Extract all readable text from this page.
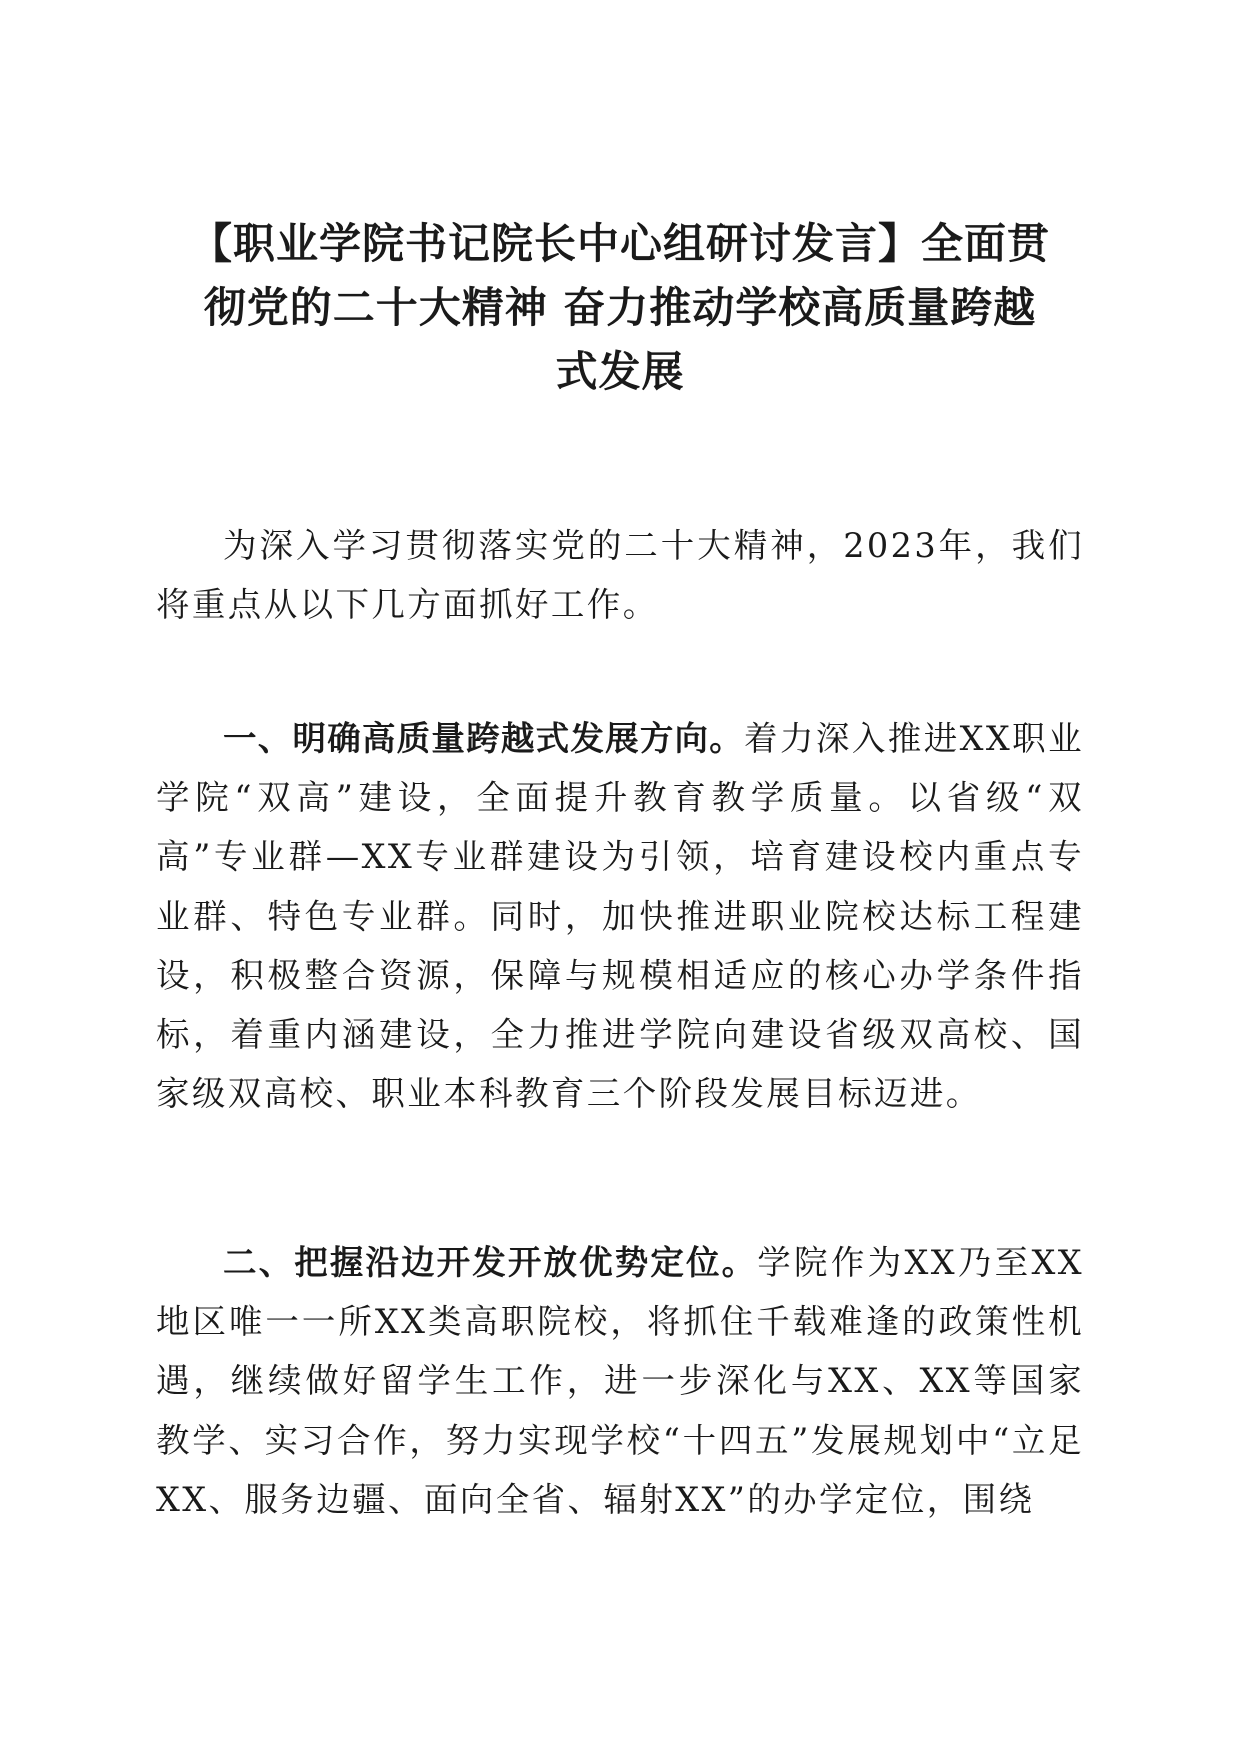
【职业学院书记院长中心组研讨发言】全面贯
彻党的二十大精神 奋力推动学校高质量跨越
式发展

为深入学习贯彻落实党的二十大精神，2023年，我们将重点从以下几方面抓好工作。

一、明确高质量跨越式发展方向。着力深入推进XX职业学院“双高”建设，全面提升教育教学质量。以省级“双高”专业群—XX专业群建设为引领，培育建设校内重点专业群、特色专业群。同时，加快推进职业院校达标工程建设，积极整合资源，保障与规模相适应的核心办学条件指标，着重内涵建设，全力推进学院向建设省级双高校、国家级双高校、职业本科教育三个阶段发展目标迈进。

二、把握沿边开发开放优势定位。学院作为XX乃至XX地区唯一一所XX类高职院校，将抓住千载难逢的政策性机遇，继续做好留学生工作，进一步深化与XX、XX等国家教学、实习合作，努力实现学校“十四五”发展规划中“立足XX、服务边疆、面向全省、辐射XX”的办学定位，围绕
